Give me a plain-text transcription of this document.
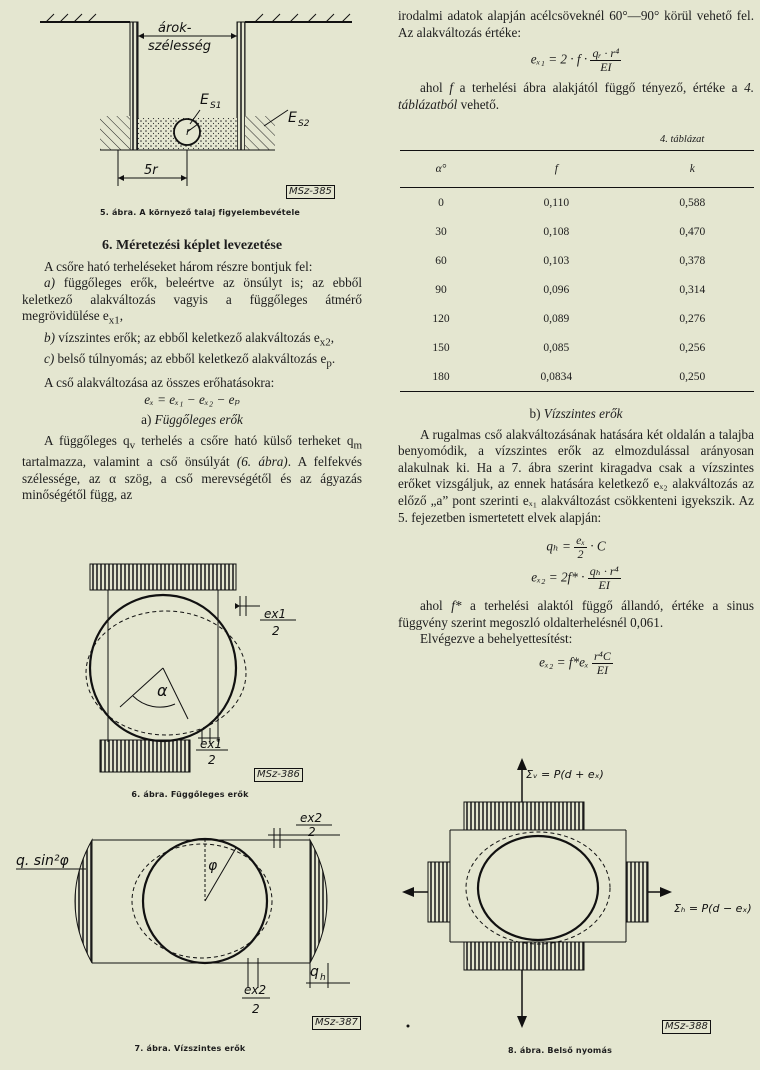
árok-
szélesség
E S1
E S2
r
5r
MSz-385
5. ábra. A környező talaj figyelembevétele

6. Méretezési képlet levezetése

A csőre ható terheléseket három részre bontjuk fel:

a) függőleges erők, beleértve az önsúlyt is; az ebből keletkező alakváltozás vagyis a függőleges átmérő megrövidülése $e_{x1}$,

b) vízszintes erők; az ebből keletkező alakváltozás $e_{x2}$,

c) belső túlnyomás; az ebből keletkező alakváltozás $e_p$.

A cső alakváltozása az összes erőhatásokra:

eₓ = eₓ₁ − eₓ₂ − eₚ

a) Függőleges erők

A függőleges $q_v$ terhelés a csőre ható külső terheket $q_m$ tartalmazza, valamint a cső önsúlyát (6. ábra). A felfekvés szélessége, az α szög, a cső merevségétől és az ágyazás minőségétől függ, az

α
ex1
2
ex1
2
MSz-386
6. ábra. Függőleges erők
φ
q. sin²φ
ex2
2
q h
ex2
2
MSz-387
7. ábra. Vízszintes erők

irodalmi adatok alapján acélcsöveknél 60°—90° körül vehető fel. Az alakváltozás értéke:

$e_{x1} = 2 \cdot f \cdot \frac{\text{qᵣ · r⁴}}{EI}$

ahol f a terhelési ábra alakjától függő tényező, értéke a 4. táblázatból vehető.

4. táblázat
α°	f	k
0	0,110	0,588
30	0,108	0,470
60	0,103	0,378
90	0,096	0,314
120	0,089	0,276
150	0,085	0,256
180	0,0834	0,250

b) Vízszintes erők

A rugalmas cső alakváltozásának hatására két oldalán a talajba benyomódik, a vízszintes erők az elmozdulással arányosan alakulnak ki. Ha a 7. ábra szerint kiragadva csak a vízszintes erőket vizsgáljuk, az ennek hatására keletkező eₓ₂ alakváltozás az előző „a” pont szerinti eₓ₁ alakváltozást csökkenteni igyekszik. Az 5. fejezetben ismertetett elvek alapján:

$q_h = \frac{\text{eₓ}}{2} \cdot C$

$e_{x2} = 2f* \cdot \frac{\text{qₕ · r⁴}}{EI}$

ahol f* a terhelési alaktól függő állandó, értéke a sinus függvény szerint megoszló oldalterhelésnél 0,061.

Elvégezve a behelyettesítést:

$e_{x2} = f*e_x \frac{\text{r⁴C}}{EI}$

Σᵥ = P(d + eₓ)
Σₕ = P(d − eₓ)
MSz-388
8. ábra. Belső nyomás
